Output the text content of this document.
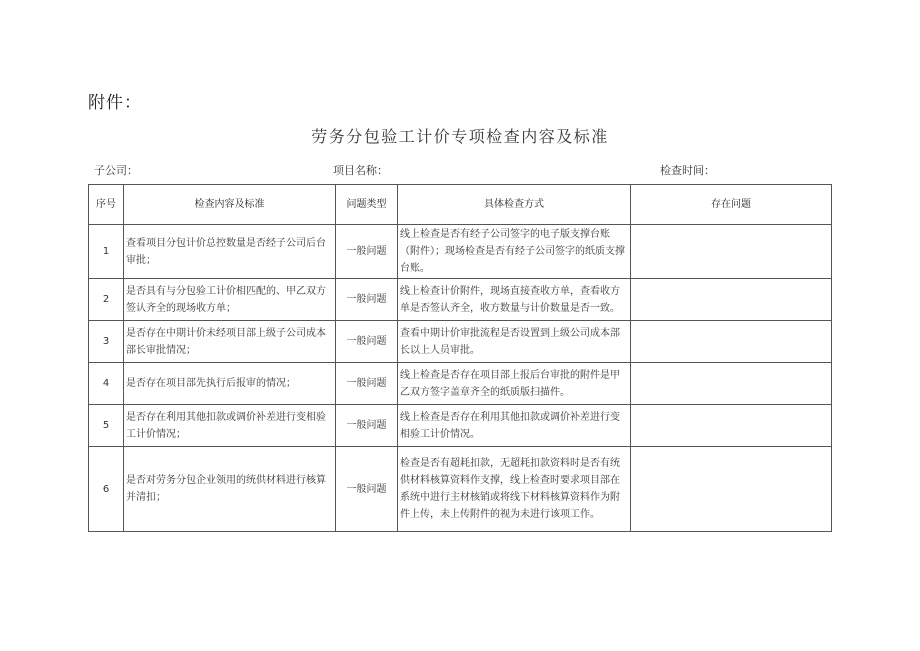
附件：
劳务分包验工计价专项检查内容及标准
子公司：	项目名称：	检查时间：
序号	检查内容及标准	问题类型	具体检查方式	存在问题
1	查看项目分包计价总控数量是否经子公司后台审批；	一般问题	线上检查是否有经子公司签字的电子版支撑台账（附件）；现场检查是否有经子公司签字的纸质支撑台账。	
2	是否具有与分包验工计价相匹配的、甲乙双方签认齐全的现场收方单；	一般问题	线上检查计价附件，现场直接查收方单，查看收方单是否签认齐全，收方数量与计价数量是否一致。	
3	是否存在中期计价未经项目部上级子公司成本部长审批情况；	一般问题	查看中期计价审批流程是否设置到上级公司成本部长以上人员审批。	
4	是否存在项目部先执行后报审的情况；	一般问题	线上检查是否存在项目部上报后台审批的附件是甲乙双方签字盖章齐全的纸质版扫描件。	
5	是否存在利用其他扣款或调价补差进行变相验工计价情况；	一般问题	线上检查是否存在利用其他扣款或调价补差进行变相验工计价情况。	
6	是否对劳务分包企业领用的统供材料进行核算并清扣；	一般问题	检查是否有超耗扣款，无超耗扣款资料时是否有统供材料核算资料作支撑，线上检查时要求项目部在系统中进行主材核销或将线下材料核算资料作为附件上传，未上传附件的视为未进行该项工作。	
